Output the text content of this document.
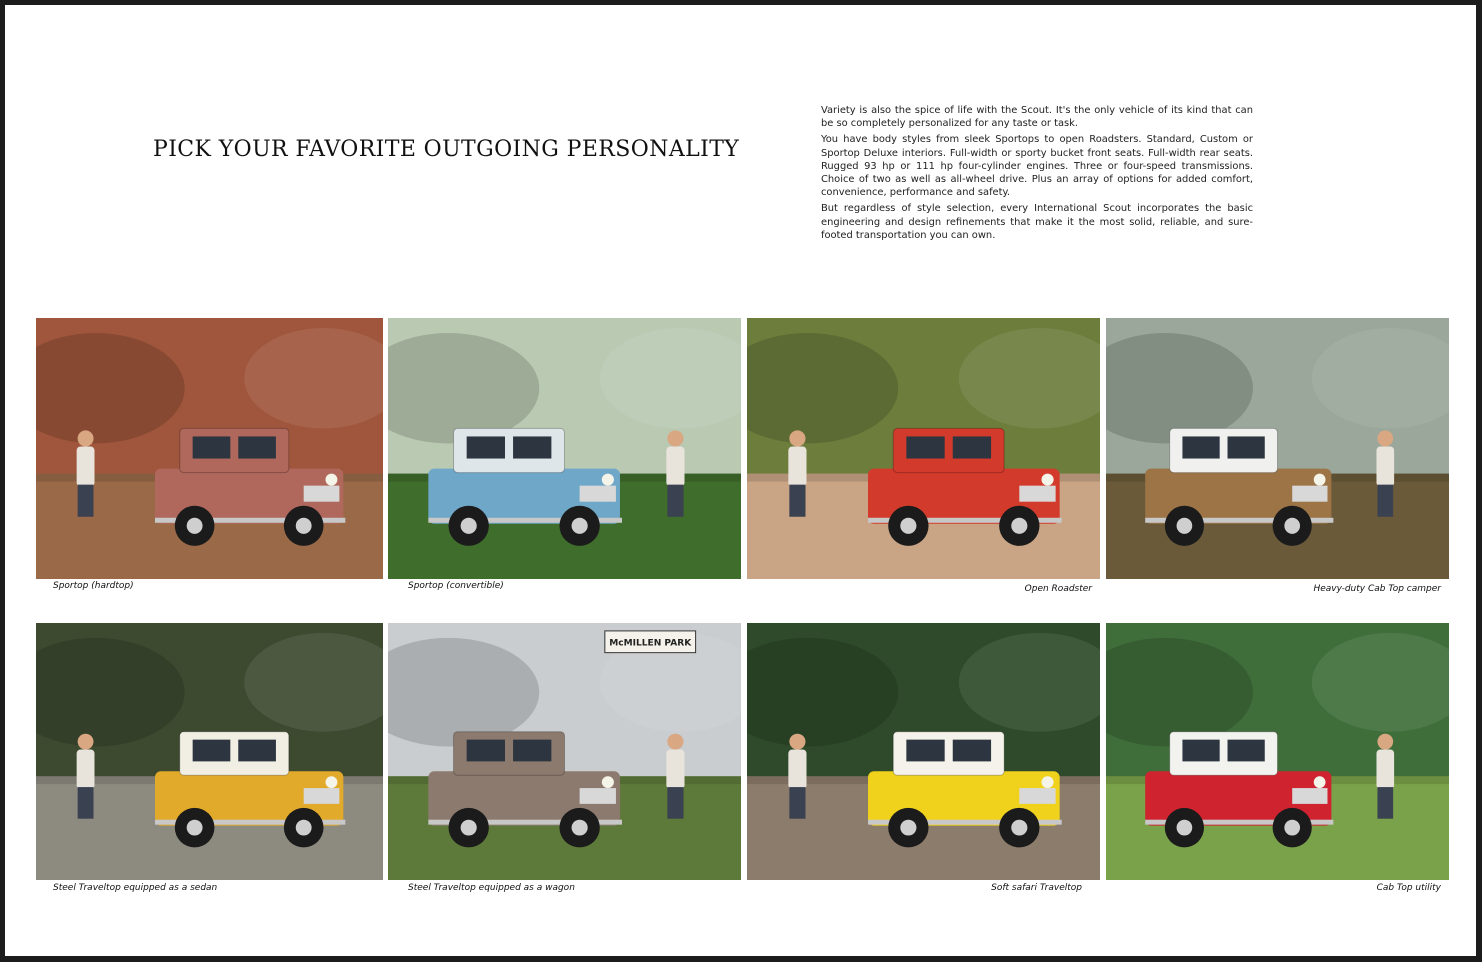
PICK YOUR FAVORITE OUTGOING PERSONALITY

Variety is also the spice of life with the Scout. It's the only vehicle of its kind that can be so completely personalized for any taste or task.

You have body styles from sleek Sportops to open Roadsters. Standard, Custom or Sportop Deluxe interiors. Full-width or sporty bucket front seats. Full-width rear seats. Rugged 93 hp or 111 hp four-cylinder engines. Three or four-speed transmissions. Choice of two as well as all-wheel drive. Plus an array of options for added comfort, convenience, performance and safety.

But regardless of style selection, every International Scout incorporates the basic engineering and design refinements that make it the most solid, reliable, and sure-footed transportation you can own.

Sportop (hardtop)	Sportop (convertible)	Open Roadster	Heavy-duty Cab Top camper
McMILLEN PARK
Steel Traveltop equipped as a sedan	Steel Traveltop equipped as a wagon	Soft safari Traveltop	Cab Top utility
